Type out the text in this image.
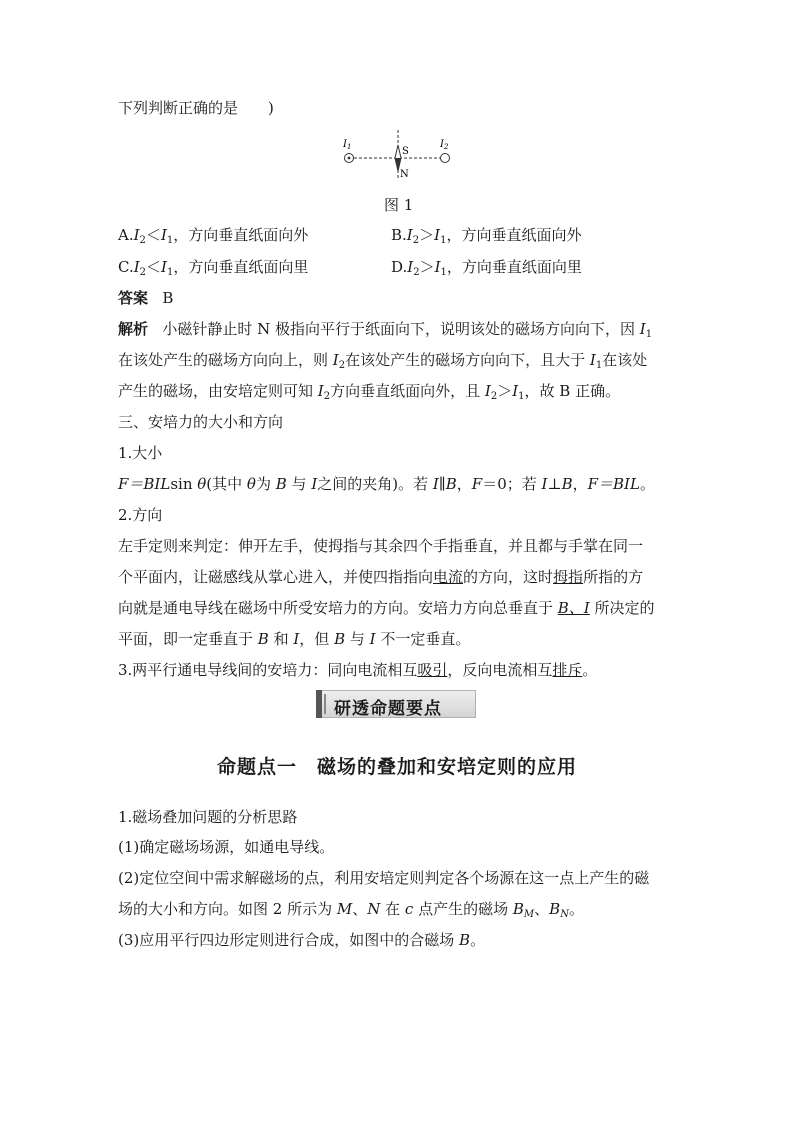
下列判断正确的是　　)
$I_1$	$I_2$
S
N
图 1
$A.I_2<I_1$，方向垂直纸面向外	$B.I_2>I_1$，方向垂直纸面向外
$C.I_2<I_1$，方向垂直纸面向里	$D.I_2>I_1$，方向垂直纸面向里
答案 B
解析 小磁针静止时 N 极指向平行于纸面向下，说明该处的磁场方向向下，因 $I_1$
在该处产生的磁场方向向上，则 $I_2$在该处产生的磁场方向向下，且大于 $I_1$在该处
产生的磁场，由安培定则可知 $I_2$方向垂直纸面向外，且 $I_2>I_1$，故 B 正确。
三、安培力的大小和方向
1.大小
F＝BILsin θ(其中 θ为 B 与 I之间的夹角)。若 I∥B，F＝0；若 I⊥B，F＝BIL。
2.方向
左手定则来判定：伸开左手，使拇指与其余四个手指垂直，并且都与手掌在同一
个平面内，让磁感线从掌心进入，并使四指指向电流的方向，这时拇指所指的方
向就是通电导线在磁场中所受安培力的方向。安培力方向总垂直于 B、I 所决定的
平面，即一定垂直于 B 和 I，但 B 与 I 不一定垂直。
3.两平行通电导线间的安培力：同向电流相互吸引，反向电流相互排斥。
研透命题要点
命题点一　磁场的叠加和安培定则的应用
1.磁场叠加问题的分析思路
(1)确定磁场场源，如通电导线。
(2)定位空间中需求解磁场的点，利用安培定则判定各个场源在这一点上产生的磁
场的大小和方向。如图 2 所示为 M、N 在 c 点产生的磁场 $B_M$、$B_N$。
(3)应用平行四边形定则进行合成，如图中的合磁场 B。
